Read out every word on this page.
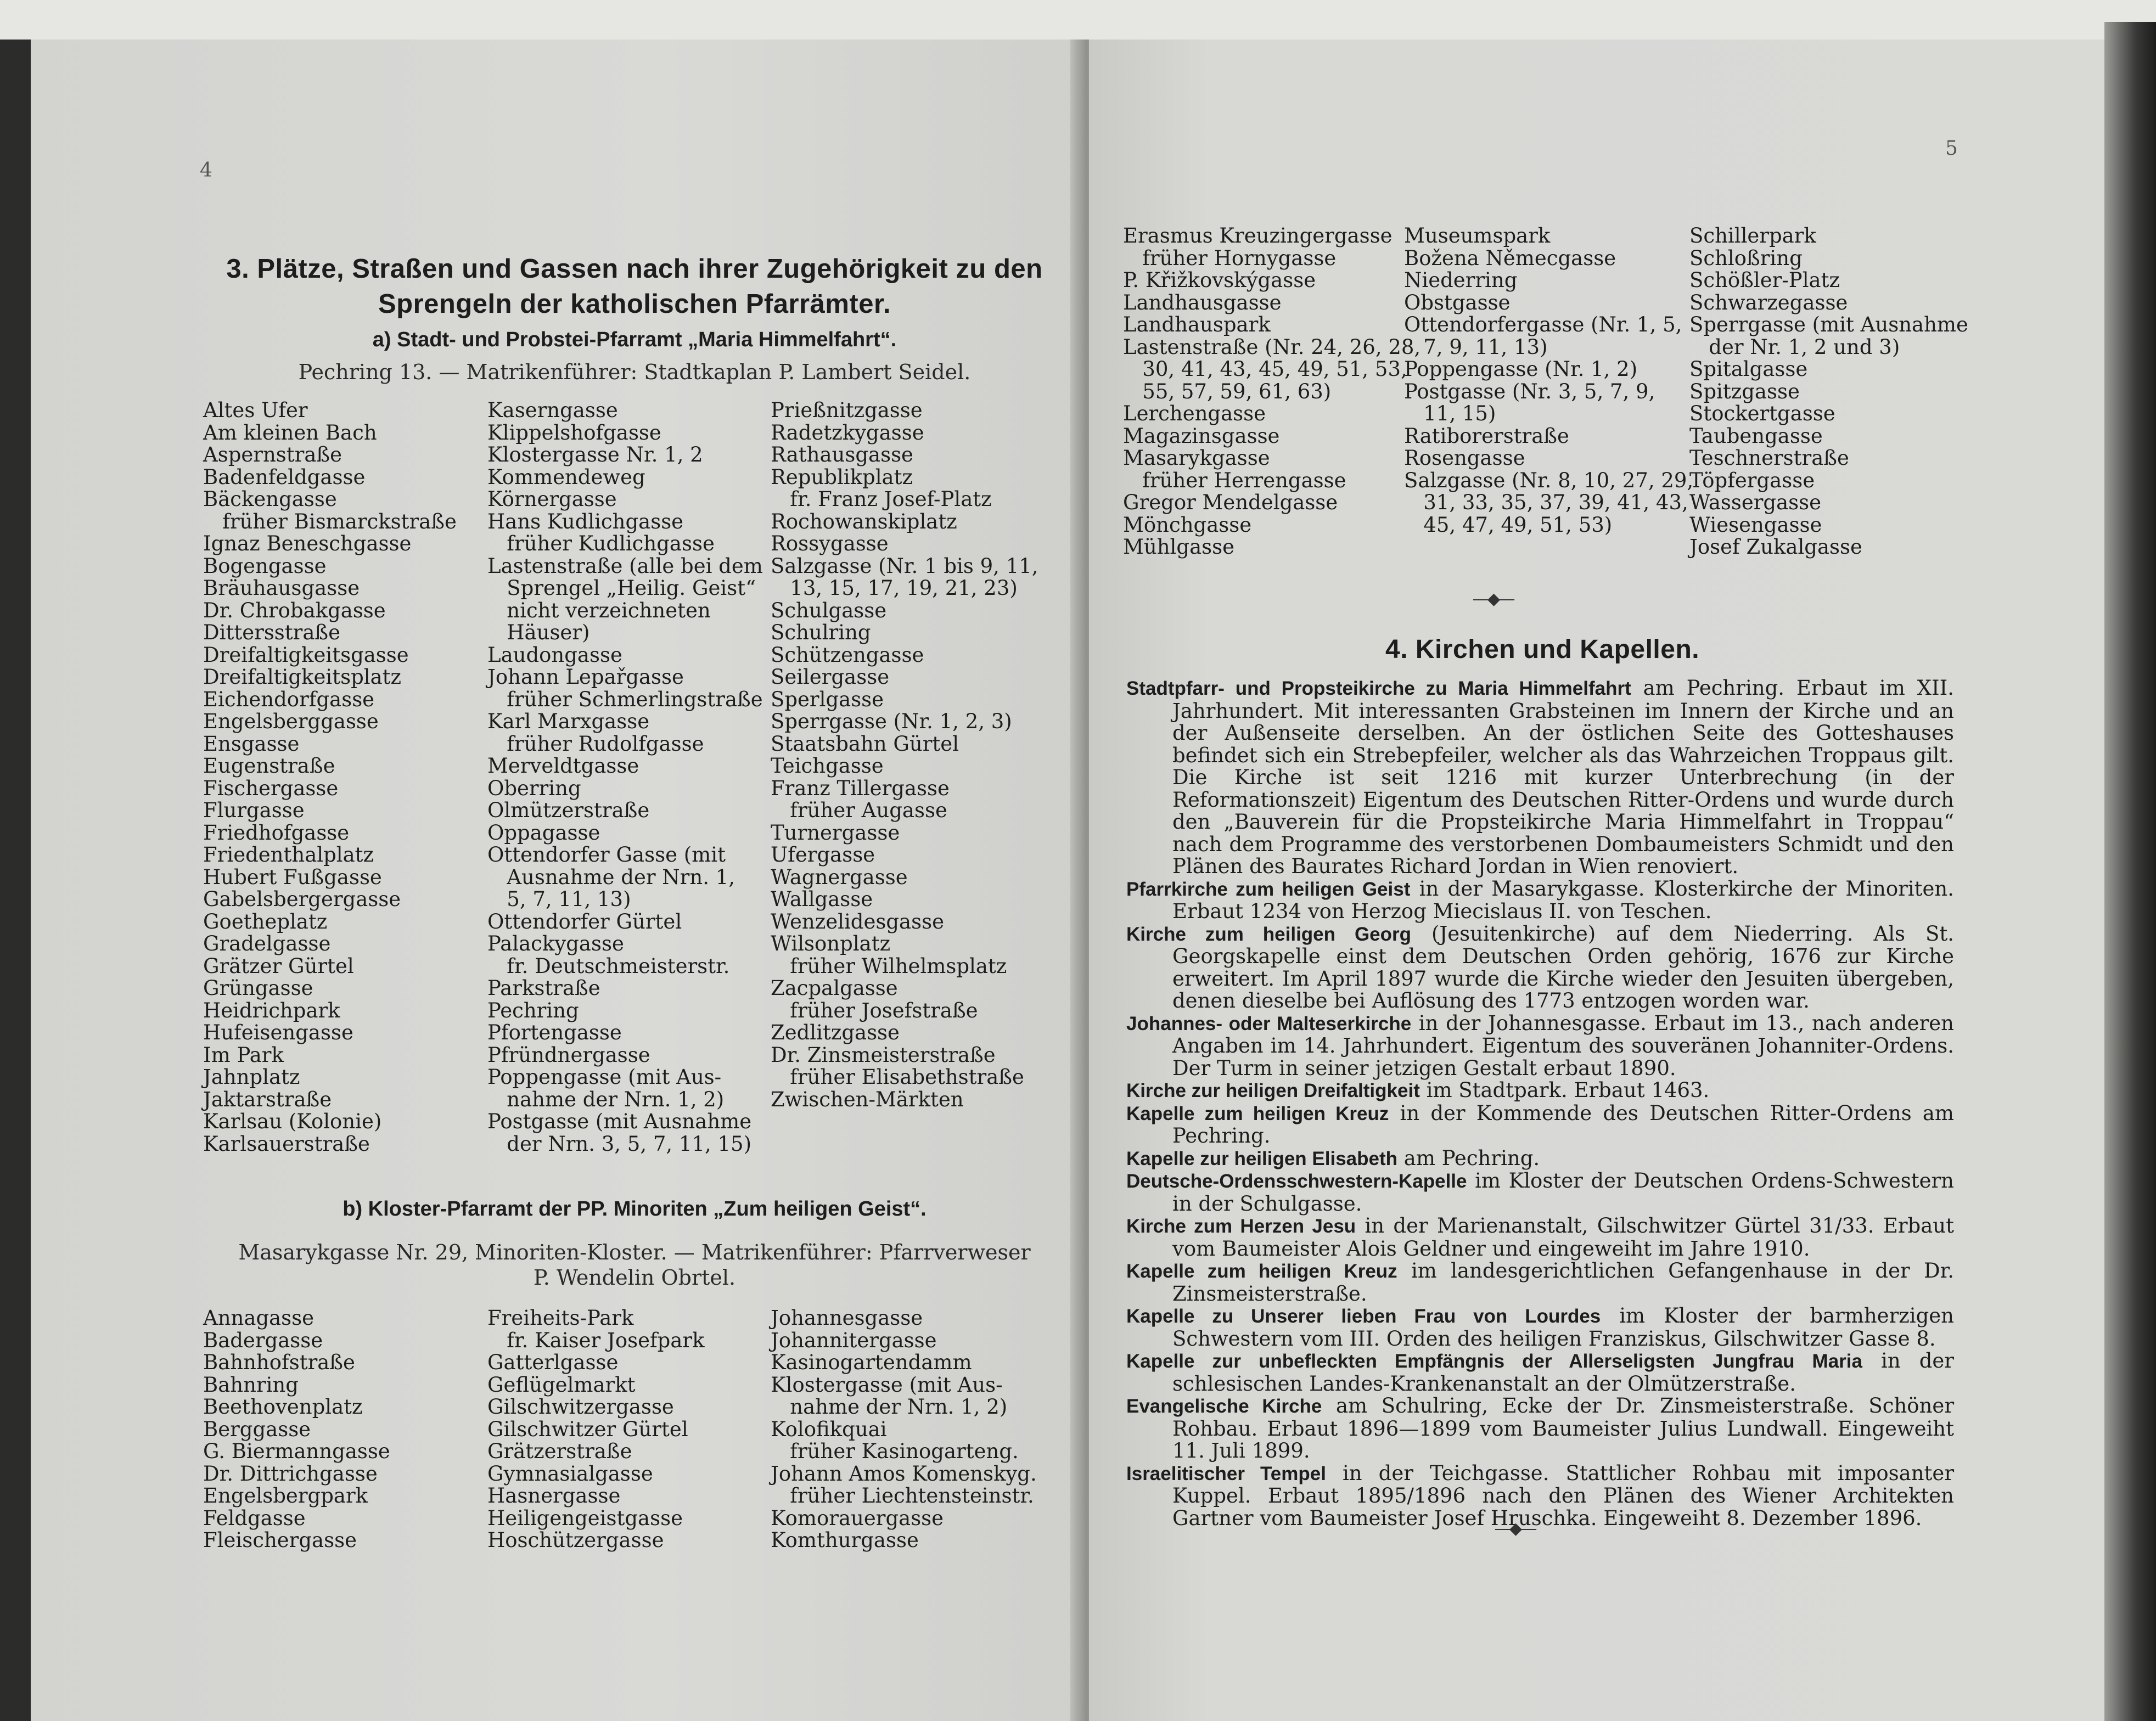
4
3. Plätze, Straßen und Gassen nach ihrer Zugehörigkeit zu den Sprengeln der katholischen Pfarrämter.
a) Stadt- und Probstei-Pfarramt „Maria Himmelfahrt“.
Pechring 13. — Matrikenführer: Stadtkaplan P. Lambert Seidel.
Altes Ufer
Am kleinen Bach
Aspernstraße
Badenfeldgasse
Bäckengasse
früher Bismarckstraße
Ignaz Beneschgasse
Bogengasse
Bräuhausgasse
Dr. Chrobakgasse
Dittersstraße
Dreifaltigkeitsgasse
Dreifaltigkeitsplatz
Eichendorfgasse
Engelsberggasse
Ensgasse
Eugenstraße
Fischergasse
Flurgasse
Friedhofgasse
Friedenthalplatz
Hubert Fußgasse
Gabelsbergergasse
Goetheplatz
Gradelgasse
Grätzer Gürtel
Grüngasse
Heidrichpark
Hufeisengasse
Im Park
Jahnplatz
Jaktarstraße
Karlsau (Kolonie)
Karlsauerstraße
Kaserngasse
Klippelshofgasse
Klostergasse Nr. 1, 2
Kommendeweg
Körnergasse
Hans Kudlichgasse
früher Kudlichgasse
Lastenstraße (alle bei dem
Sprengel „Heilig. Geist“
nicht verzeichneten
Häuser)
Laudongasse
Johann Lepařgasse
früher Schmerlingstraße
Karl Marxgasse
früher Rudolfgasse
Merveldtgasse
Oberring
Olmützerstraße
Oppagasse
Ottendorfer Gasse (mit
Ausnahme der Nrn. 1,
5, 7, 11, 13)
Ottendorfer Gürtel
Palackygasse
fr. Deutschmeisterstr.
Parkstraße
Pechring
Pfortengasse
Pfründnergasse
Poppengasse (mit Aus-
nahme der Nrn. 1, 2)
Postgasse (mit Ausnahme
der Nrn. 3, 5, 7, 11, 15)
Prießnitzgasse
Radetzkygasse
Rathausgasse
Republikplatz
fr. Franz Josef-Platz
Rochowanskiplatz
Rossygasse
Salzgasse (Nr. 1 bis 9, 11,
13, 15, 17, 19, 21, 23)
Schulgasse
Schulring
Schützengasse
Seilergasse
Sperlgasse
Sperrgasse (Nr. 1, 2, 3)
Staatsbahn Gürtel
Teichgasse
Franz Tillergasse
früher Augasse
Turnergasse
Ufergasse
Wagnergasse
Wallgasse
Wenzelidesgasse
Wilsonplatz
früher Wilhelmsplatz
Zacpalgasse
früher Josefstraße
Zedlitzgasse
Dr. Zinsmeisterstraße
früher Elisabethstraße
Zwischen-Märkten
b) Kloster-Pfarramt der PP. Minoriten „Zum heiligen Geist“.
Masarykgasse Nr. 29, Minoriten-Kloster. — Matrikenführer: Pfarrverweser
P. Wendelin Obrtel.
Annagasse
Badergasse
Bahnhofstraße
Bahnring
Beethovenplatz
Berggasse
G. Biermanngasse
Dr. Dittrichgasse
Engelsbergpark
Feldgasse
Fleischergasse
Freiheits-Park
fr. Kaiser Josefpark
Gatterlgasse
Geflügelmarkt
Gilschwitzergasse
Gilschwitzer Gürtel
Grätzerstraße
Gymnasialgasse
Hasnergasse
Heiligengeistgasse
Hoschützergasse
Johannesgasse
Johannitergasse
Kasinogartendamm
Klostergasse (mit Aus-
nahme der Nrn. 1, 2)
Kolofikquai
früher Kasinogarteng.
Johann Amos Komenskyg.
früher Liechtensteinstr.
Komorauergasse
Komthurgasse
5
Erasmus Kreuzingergasse
früher Hornygasse
P. Křižkovskýgasse
Landhausgasse
Landhauspark
Lastenstraße (Nr. 24, 26, 28,
30, 41, 43, 45, 49, 51, 53,
55, 57, 59, 61, 63)
Lerchengasse
Magazinsgasse
Masarykgasse
früher Herrengasse
Gregor Mendelgasse
Mönchgasse
Mühlgasse
Museumspark
Božena Němecgasse
Niederring
Obstgasse
Ottendorfergasse (Nr. 1, 5,
7, 9, 11, 13)
Poppengasse (Nr. 1, 2)
Postgasse (Nr. 3, 5, 7, 9,
11, 15)
Ratiborerstraße
Rosengasse
Salzgasse (Nr. 8, 10, 27, 29,
31, 33, 35, 37, 39, 41, 43,
45, 47, 49, 51, 53)
Schillerpark
Schloßring
Schößler-Platz
Schwarzegasse
Sperrgasse (mit Ausnahme
der Nr. 1, 2 und 3)
Spitalgasse
Spitzgasse
Stockertgasse
Taubengasse
Teschnerstraße
Töpfergasse
Wassergasse
Wiesengasse
Josef Zukalgasse
―◆―
4. Kirchen und Kapellen.

Stadtpfarr- und Propsteikirche zu Maria Himmelfahrt am Pechring. Erbaut im XII. Jahrhundert. Mit interessanten Grabsteinen im Innern der Kirche und an der Außenseite derselben. An der östlichen Seite des Gotteshauses befindet sich ein Strebepfeiler, welcher als das Wahrzeichen Troppaus gilt. Die Kirche ist seit 1216 mit kurzer Unterbrechung (in der Reformationszeit) Eigentum des Deutschen Ritter-Ordens und wurde durch den „Bauverein für die Propsteikirche Maria Himmelfahrt in Troppau“ nach dem Programme des verstorbenen Dombaumeisters Schmidt und den Plänen des Baurates Richard Jordan in Wien renoviert.

Pfarrkirche zum heiligen Geist in der Masarykgasse. Klosterkirche der Minoriten. Erbaut 1234 von Herzog Miecislaus II. von Teschen.

Kirche zum heiligen Georg (Jesuitenkirche) auf dem Niederring. Als St. Georgskapelle einst dem Deutschen Orden gehörig, 1676 zur Kirche erweitert. Im April 1897 wurde die Kirche wieder den Jesuiten übergeben, denen dieselbe bei Auflösung des 1773 entzogen worden war.

Johannes- oder Malteserkirche in der Johannesgasse. Erbaut im 13., nach anderen Angaben im 14. Jahrhundert. Eigentum des souveränen Johanniter-Ordens. Der Turm in seiner jetzigen Gestalt erbaut 1890.

Kirche zur heiligen Dreifaltigkeit im Stadtpark. Erbaut 1463.

Kapelle zum heiligen Kreuz in der Kommende des Deutschen Ritter-Ordens am Pechring.

Kapelle zur heiligen Elisabeth am Pechring.

Deutsche-Ordensschwestern-Kapelle im Kloster der Deutschen Ordens-Schwestern in der Schulgasse.

Kirche zum Herzen Jesu in der Marienanstalt, Gilschwitzer Gürtel 31/33. Erbaut vom Baumeister Alois Geldner und eingeweiht im Jahre 1910.

Kapelle zum heiligen Kreuz im landesgerichtlichen Gefangenhause in der Dr. Zinsmeisterstraße.

Kapelle zu Unserer lieben Frau von Lourdes im Kloster der barmherzigen Schwestern vom III. Orden des heiligen Franziskus, Gilschwitzer Gasse 8.

Kapelle zur unbefleckten Empfängnis der Allerseligsten Jungfrau Maria in der schlesischen Landes-Krankenanstalt an der Olmützerstraße.

Evangelische Kirche am Schulring, Ecke der Dr. Zinsmeisterstraße. Schöner Rohbau. Erbaut 1896—1899 vom Baumeister Julius Lundwall. Eingeweiht 11. Juli 1899.

Israelitischer Tempel in der Teichgasse. Stattlicher Rohbau mit imposanter Kuppel. Erbaut 1895/1896 nach den Plänen des Wiener Architekten Gartner vom Baumeister Josef Hruschka. Eingeweiht 8. Dezember 1896.

―◆―
